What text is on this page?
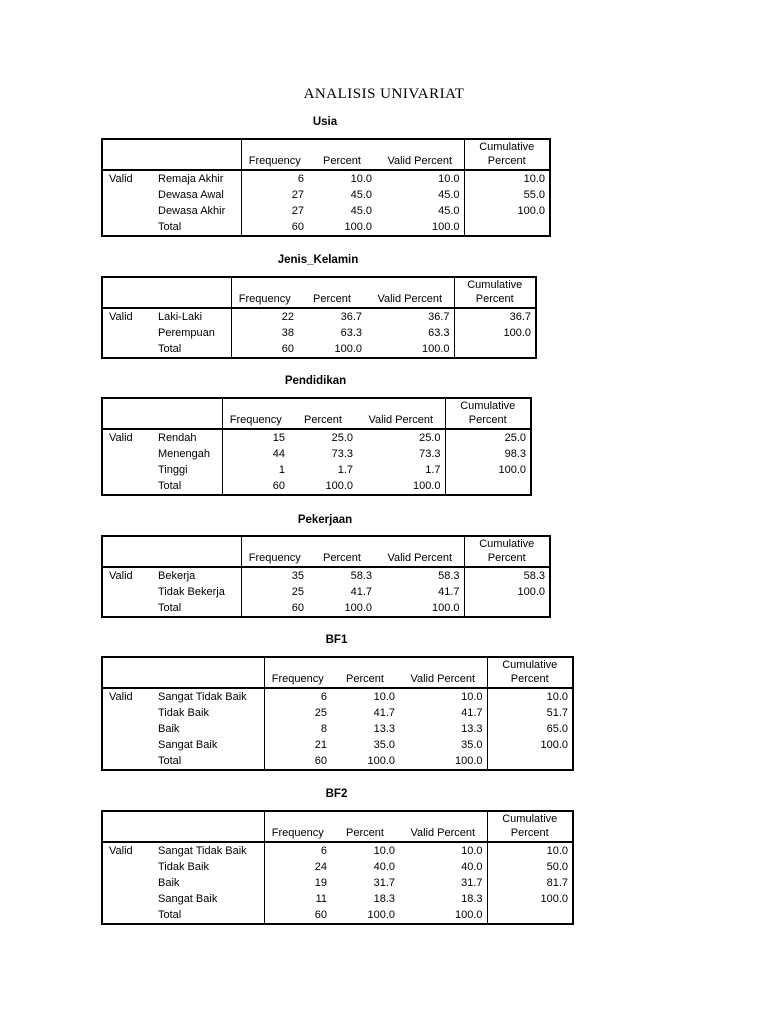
ANALISIS UNIVARIAT
Usia

		Frequency	Percent	Valid Percent	Cumulative
Percent

Valid	Remaja Akhir	6	10.0	10.0	10.0
	Dewasa Awal	27	45.0	45.0	55.0
	Dewasa Akhir	27	45.0	45.0	100.0
	Total	60	100.0	100.0	
Jenis_Kelamin

		Frequency	Percent	Valid Percent	Cumulative
Percent

Valid	Laki-Laki	22	36.7	36.7	36.7
	Perempuan	38	63.3	63.3	100.0
	Total	60	100.0	100.0	
Pendidikan

		Frequency	Percent	Valid Percent	Cumulative
Percent

Valid	Rendah	15	25.0	25.0	25.0
	Menengah	44	73.3	73.3	98.3
	Tinggi	1	1.7	1.7	100.0
	Total	60	100.0	100.0	
Pekerjaan

		Frequency	Percent	Valid Percent	Cumulative
Percent

Valid	Bekerja	35	58.3	58.3	58.3
	Tidak Bekerja	25	41.7	41.7	100.0
	Total	60	100.0	100.0	
BF1

		Frequency	Percent	Valid Percent	Cumulative
Percent

Valid	Sangat Tidak Baik	6	10.0	10.0	10.0
	Tidak Baik	25	41.7	41.7	51.7
	Baik	8	13.3	13.3	65.0
	Sangat Baik	21	35.0	35.0	100.0
	Total	60	100.0	100.0	
BF2

		Frequency	Percent	Valid Percent	Cumulative
Percent

Valid	Sangat Tidak Baik	6	10.0	10.0	10.0
	Tidak Baik	24	40.0	40.0	50.0
	Baik	19	31.7	31.7	81.7
	Sangat Baik	11	18.3	18.3	100.0
	Total	60	100.0	100.0	
